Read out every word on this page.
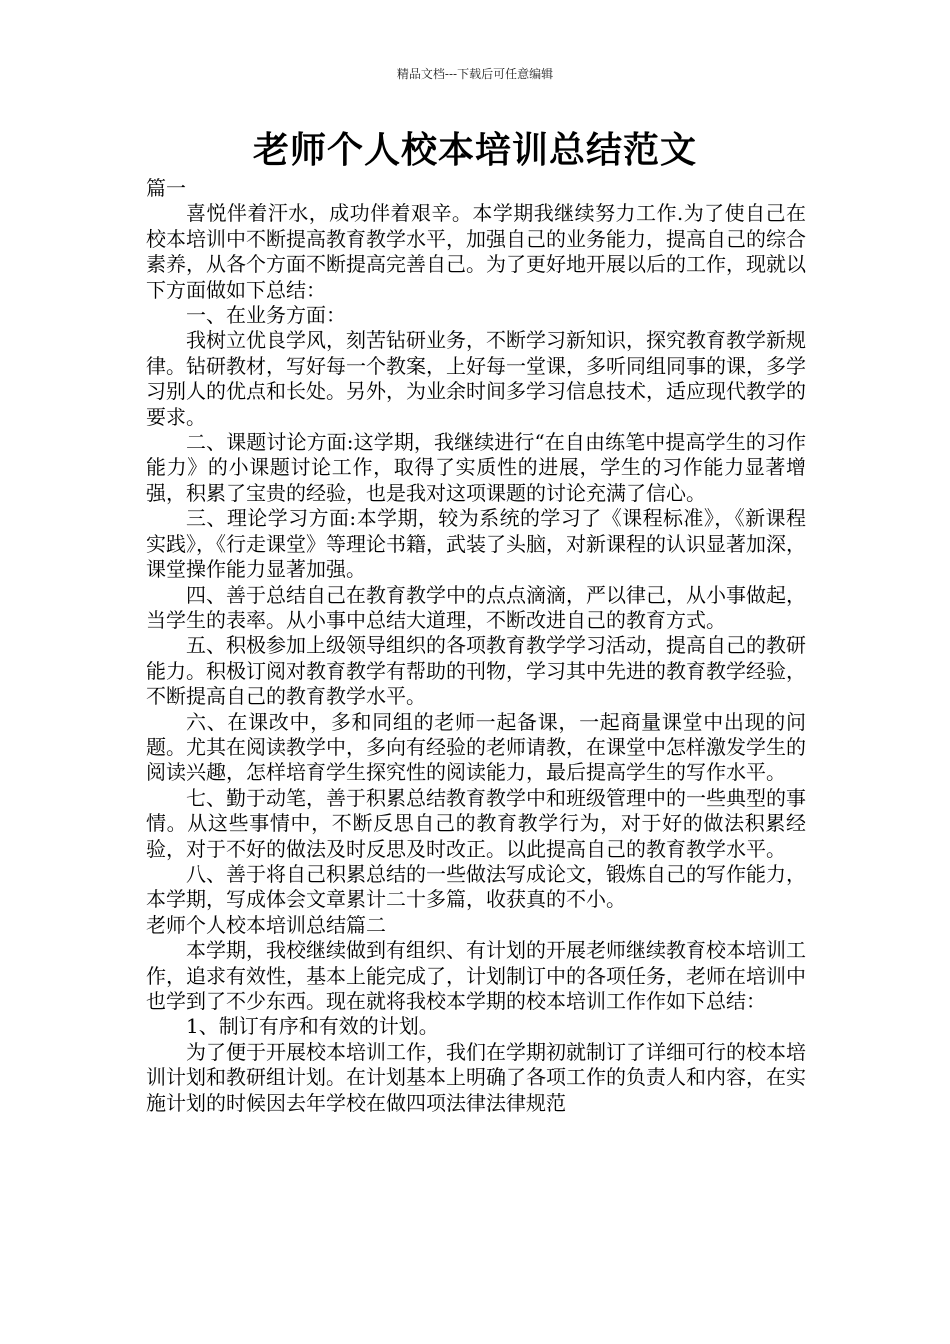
精品文档---下载后可任意编辑
老师个人校本培训总结范文

篇一

喜悦伴着汗水，成功伴着艰辛。本学期我继续努力工作.为了使自己在校本培训中不断提高教育教学水平，加强自己的业务能力，提高自己的综合素养，从各个方面不断提高完善自己。为了更好地开展以后的工作，现就以下方面做如下总结：

一、在业务方面：

我树立优良学风，刻苦钻研业务，不断学习新知识，探究教育教学新规律。钻研教材，写好每一个教案，上好每一堂课，多听同组同事的课，多学习别人的优点和长处。另外，为业余时间多学习信息技术，适应现代教学的要求。

二、课题讨论方面:这学期，我继续进行“在自由练笔中提高学生的习作能力》的小课题讨论工作，取得了实质性的进展，学生的习作能力显著增强，积累了宝贵的经验，也是我对这项课题的讨论充满了信心。

三、理论学习方面:本学期，较为系统的学习了《课程标准》，《新课程实践》，《行走课堂》等理论书籍，武装了头脑，对新课程的认识显著加深，课堂操作能力显著加强。

四、善于总结自己在教育教学中的点点滴滴，严以律己，从小事做起，当学生的表率。从小事中总结大道理，不断改进自己的教育方式。

五、积极参加上级领导组织的各项教育教学学习活动，提高自己的教研能力。积极订阅对教育教学有帮助的刊物，学习其中先进的教育教学经验，不断提高自己的教育教学水平。

六、在课改中，多和同组的老师一起备课，一起商量课堂中出现的问题。尤其在阅读教学中，多向有经验的老师请教，在课堂中怎样激发学生的阅读兴趣，怎样培育学生探究性的阅读能力，最后提高学生的写作水平。

七、勤于动笔，善于积累总结教育教学中和班级管理中的一些典型的事情。从这些事情中，不断反思自己的教育教学行为，对于好的做法积累经验，对于不好的做法及时反思及时改正。以此提高自己的教育教学水平。

八、善于将自己积累总结的一些做法写成论文，锻炼自己的写作能力，本学期，写成体会文章累计二十多篇，收获真的不小。

老师个人校本培训总结篇二

本学期，我校继续做到有组织、有计划的开展老师继续教育校本培训工作，追求有效性，基本上能完成了，计划制订中的各项任务，老师在培训中也学到了不少东西。现在就将我校本学期的校本培训工作作如下总结：

1、制订有序和有效的计划。

为了便于开展校本培训工作，我们在学期初就制订了详细可行的校本培训计划和教研组计划。在计划基本上明确了各项工作的负责人和内容，在实施计划的时候因去年学校在做四项法律法律规范
